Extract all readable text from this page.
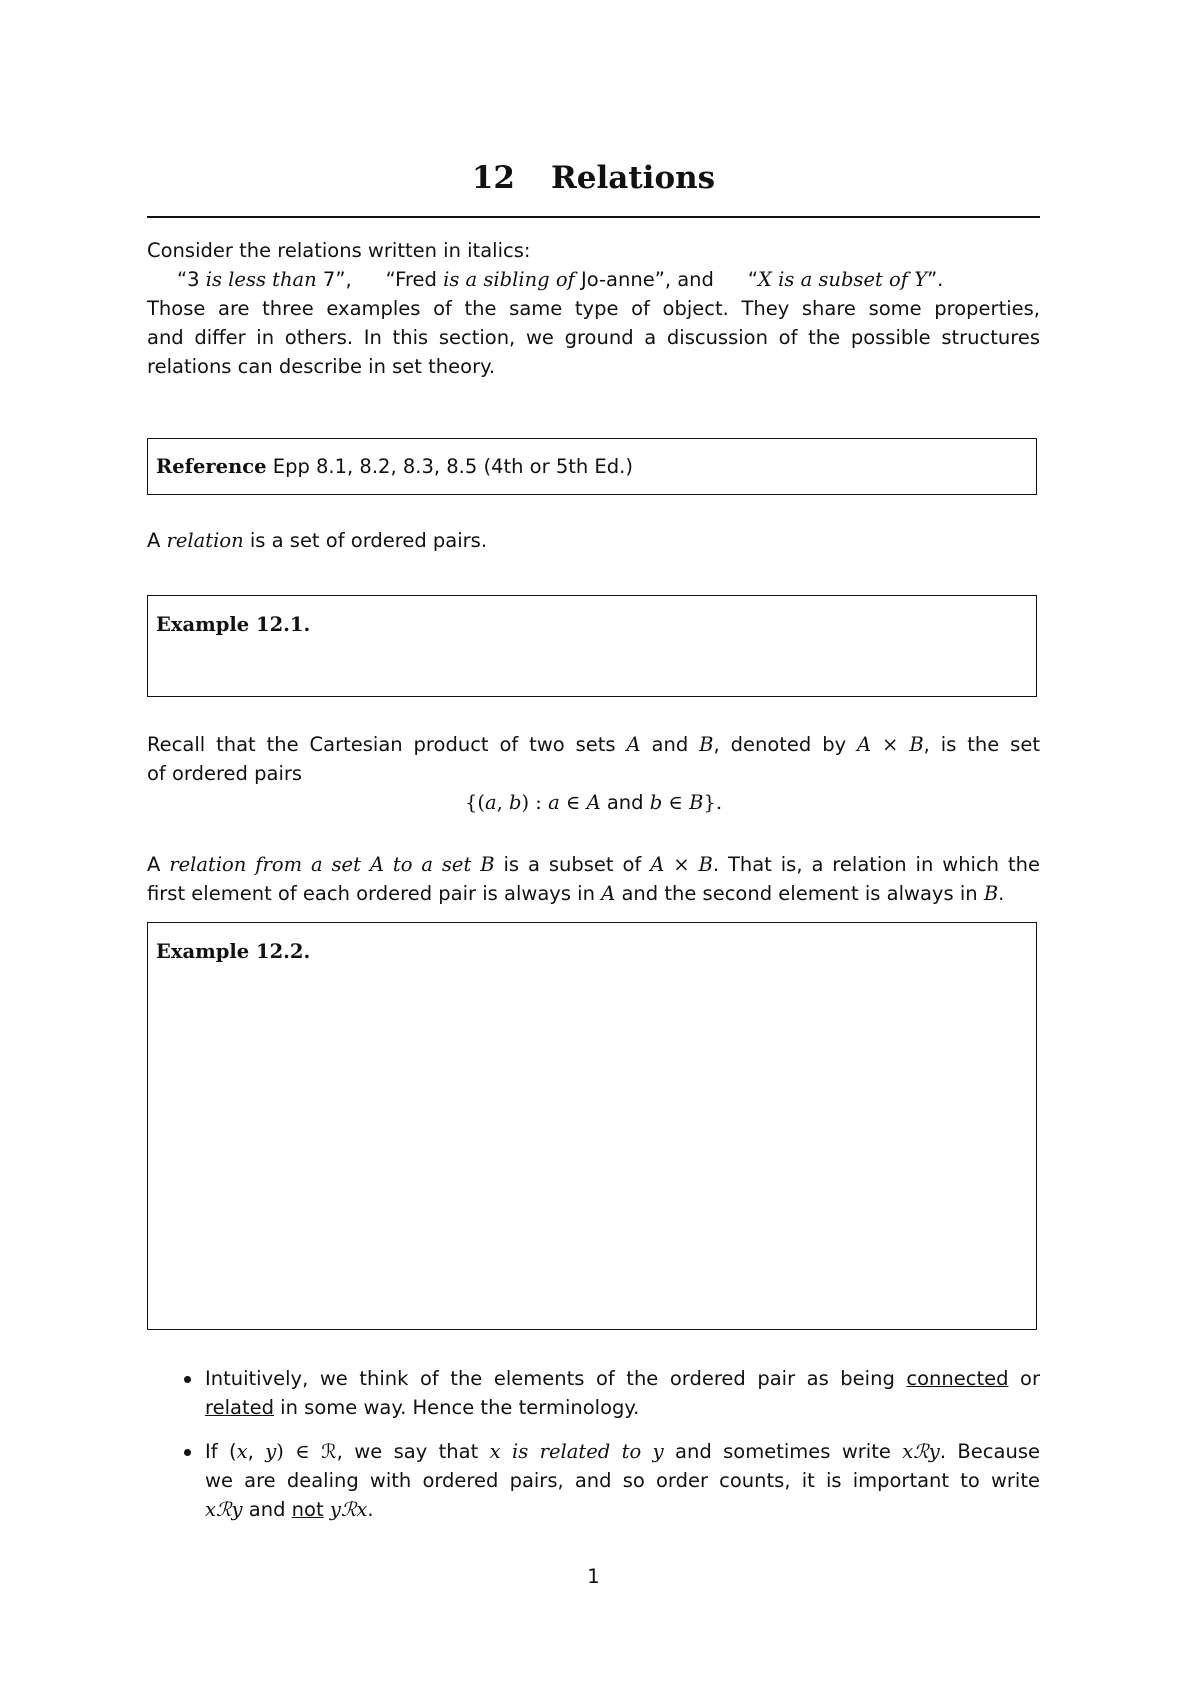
12 Relations
Consider the relations written in italics:
“3 is less than 7”, “Fred is a sibling of Jo-anne”, and “X is a subset of Y”.
Those are three examples of the same type of object. They share some properties,
and differ in others. In this section, we ground a discussion of the possible structures
relations can describe in set theory.
Reference Epp 8.1, 8.2, 8.3, 8.5 (4th or 5th Ed.)
A relation is a set of ordered pairs.
Example 12.1.
Recall that the Cartesian product of two sets A and B, denoted by A × B, is the set
of ordered pairs
{(a, b) : a ∈ A and b ∈ B}.
A relation from a set A to a set B is a subset of A × B. That is, a relation in which the
first element of each ordered pair is always in A and the second element is always in B.
Example 12.2.
Intuitively, we think of the elements of the ordered pair as being connected or
related in some way. Hence the terminology.
If (x, y) ∈ ℛ, we say that x is related to y and sometimes write xℛy. Because
we are dealing with ordered pairs, and so order counts, it is important to write
xℛy and not yℛx.
1
